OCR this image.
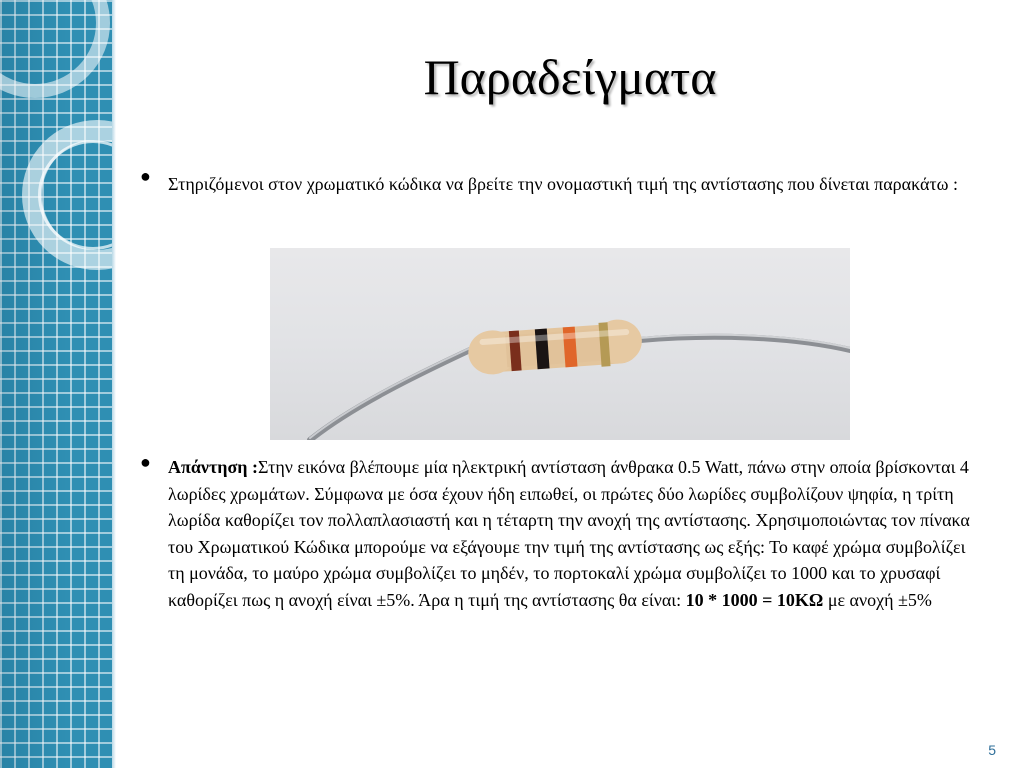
Παραδείγματα
● Στηριζόμενοι στον χρωματικό κώδικα να βρείτε την ονομαστική τιμή της αντίστασης που δίνεται παρακάτω :

● Απάντηση :Στην εικόνα βλέπουμε μία ηλεκτρική αντίσταση άνθρακα 0.5 Watt, πάνω στην οποία βρίσκονται 4 λωρίδες χρωμάτων. Σύμφωνα με όσα έχουν ήδη ειπωθεί, οι πρώτες δύο λωρίδες συμβολίζουν ψηφία, η τρίτη λωρίδα καθορίζει τον πολλαπλασιαστή και η τέταρτη την ανοχή της αντίστασης. Χρησιμοποιώντας τον πίνακα του Χρωματικού Κώδικα μπορούμε να εξάγουμε την τιμή της αντίστασης ως εξής: Το καφέ χρώμα συμβολίζει τη μονάδα, το μαύρο χρώμα συμβολίζει το μηδέν, το πορτοκαλί χρώμα συμβολίζει το 1000 και το χρυσαφί καθορίζει πως η ανοχή είναι ±5%. Άρα η τιμή της αντίστασης θα είναι: 10 * 1000 = 10ΚΩ με ανοχή ±5%

5
